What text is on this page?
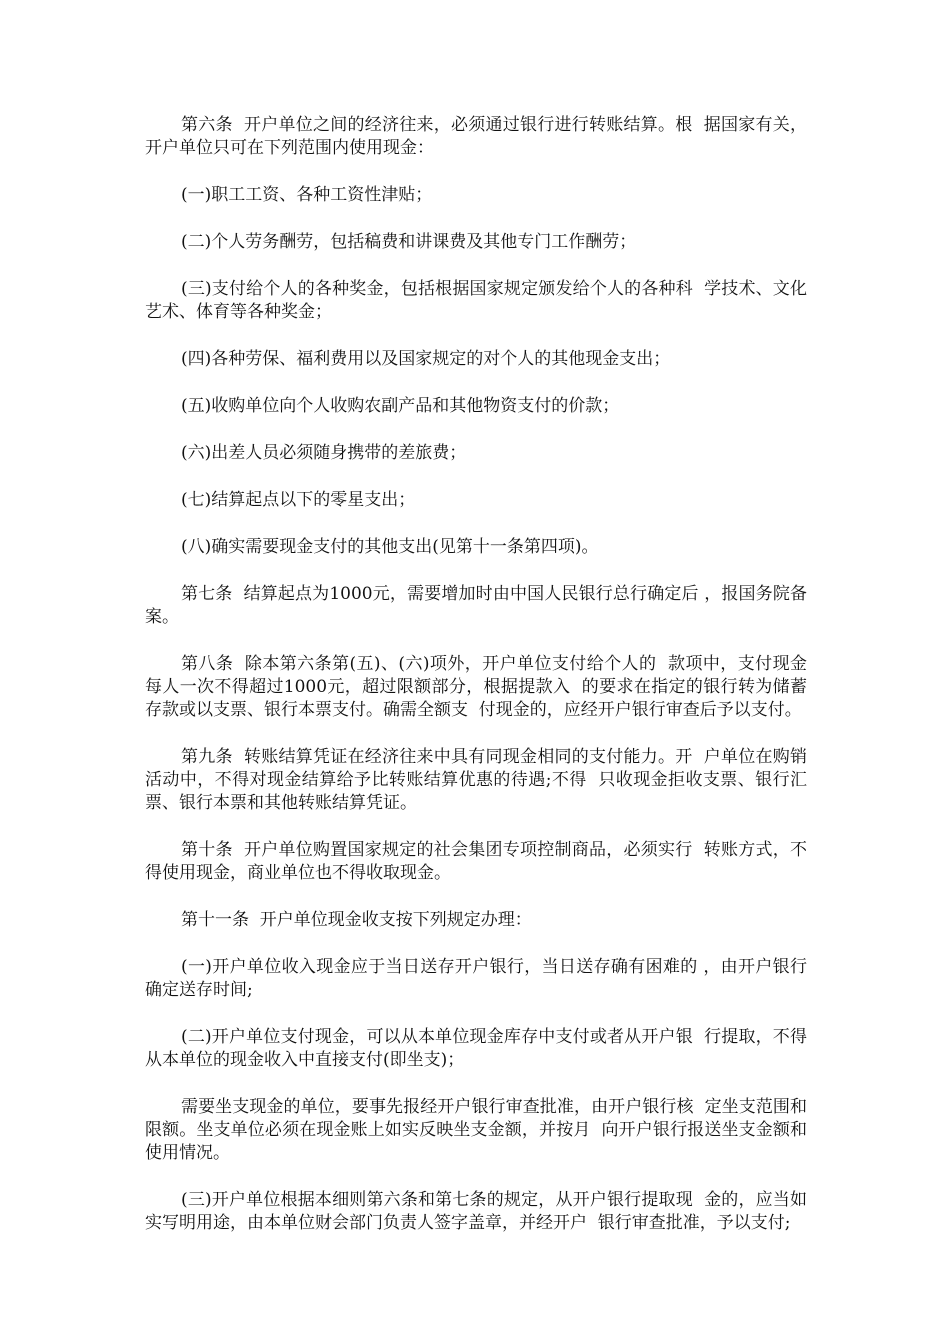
第六条  开户单位之间的经济往来，必须通过银行进行转账结算。根  据国家有关，开户单位只可在下列范围内使用现金：

(一)职工工资、各种工资性津贴；

(二)个人劳务酬劳，包括稿费和讲课费及其他专门工作酬劳；

(三)支付给个人的各种奖金，包括根据国家规定颁发给个人的各种科  学技术、文化艺术、体育等各种奖金；

(四)各种劳保、福利费用以及国家规定的对个人的其他现金支出；

(五)收购单位向个人收购农副产品和其他物资支付的价款；

(六)出差人员必须随身携带的差旅费；

(七)结算起点以下的零星支出；

(八)确实需要现金支付的其他支出(见第十一条第四项)。

第七条  结算起点为1000元，需要增加时由中国人民银行总行确定后 ，报国务院备案。

第八条  除本第六条第(五)、(六)项外，开户单位支付给个人的  款项中，支付现金每人一次不得超过1000元，超过限额部分，根据提款入  的要求在指定的银行转为储蓄存款或以支票、银行本票支付。确需全额支  付现金的，应经开户银行审查后予以支付。

第九条  转账结算凭证在经济往来中具有同现金相同的支付能力。开  户单位在购销活动中，不得对现金结算给予比转账结算优惠的待遇;不得  只收现金拒收支票、银行汇票、银行本票和其他转账结算凭证。

第十条  开户单位购置国家规定的社会集团专项控制商品，必须实行  转账方式，不得使用现金，商业单位也不得收取现金。

第十一条  开户单位现金收支按下列规定办理：

(一)开户单位收入现金应于当日送存开户银行，当日送存确有困难的 ，由开户银行确定送存时间;

(二)开户单位支付现金，可以从本单位现金库存中支付或者从开户银  行提取，不得从本单位的现金收入中直接支付(即坐支)；

需要坐支现金的单位，要事先报经开户银行审查批准，由开户银行核  定坐支范围和限额。坐支单位必须在现金账上如实反映坐支金额，并按月  向开户银行报送坐支金额和使用情况。

(三)开户单位根据本细则第六条和第七条的规定，从开户银行提取现  金的，应当如实写明用途，由本单位财会部门负责人签字盖章，并经开户  银行审查批准，予以支付;
